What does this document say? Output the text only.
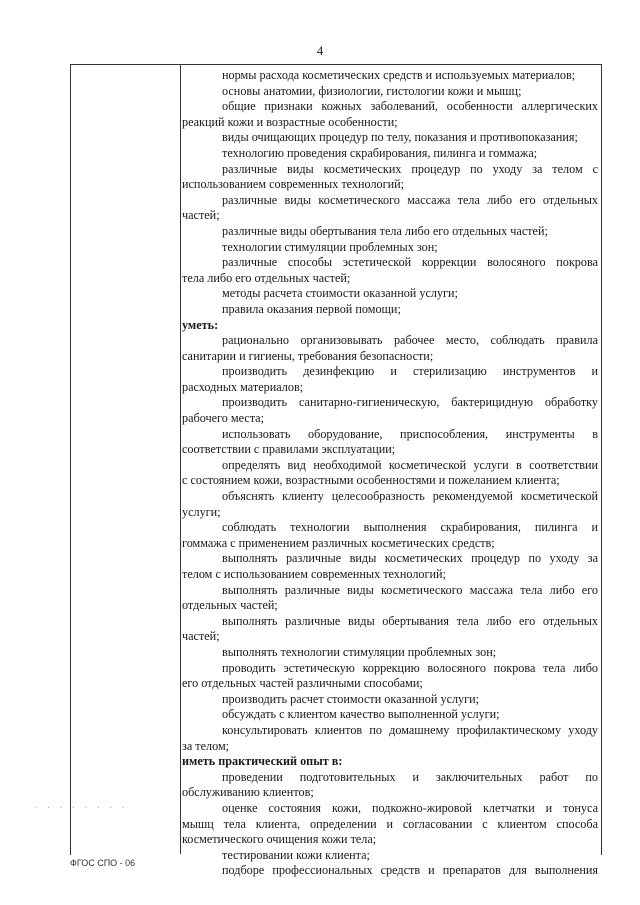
4
нормы расхода косметических средств и используемых материалов;
основы анатомии, физиологии, гистологии кожи и мышц;
общие признаки кожных заболеваний, особенности аллергических
реакций кожи и возрастные особенности;
виды очищающих процедур по телу, показания и противопоказания;
технологию проведения скрабирования, пилинга и гоммажа;
различные виды косметических процедур по уходу за телом с
использованием современных технологий;
различные виды косметического массажа тела либо его отдельных
частей;
различные виды обертывания тела либо его отдельных частей;
технологии стимуляции проблемных зон;
различные способы эстетической коррекции волосяного покрова
тела либо его отдельных частей;
методы расчета стоимости оказанной услуги;
правила оказания первой помощи;
уметь:
рационально организовывать рабочее место, соблюдать правила
санитарии и гигиены, требования безопасности;
производить дезинфекцию и стерилизацию инструментов и
расходных материалов;
производить санитарно-гигиеническую, бактерицидную обработку
рабочего места;
использовать оборудование, приспособления, инструменты в
соответствии с правилами эксплуатации;
определять вид необходимой косметической услуги в соответствии
с состоянием кожи, возрастными особенностями и пожеланием клиента;
объяснять клиенту целесообразность рекомендуемой косметической
услуги;
соблюдать технологии выполнения скрабирования, пилинга и
гоммажа с применением различных косметических средств;
выполнять различные виды косметических процедур по уходу за
телом с использованием современных технологий;
выполнять различные виды косметического массажа тела либо его
отдельных частей;
выполнять различные виды обертывания тела либо его отдельных
частей;
выполнять технологии стимуляции проблемных зон;
проводить эстетическую коррекцию волосяного покрова тела либо
его отдельных частей различными способами;
производить расчет стоимости оказанной услуги;
обсуждать с клиентом качество выполненной услуги;
консультировать клиентов по домашнему профилактическому уходу
за телом;
иметь практический опыт в:
проведении подготовительных и заключительных работ по
обслуживанию клиентов;
оценке состояния кожи, подкожно-жировой клетчатки и тонуса
мышц тела клиента, определении и согласовании с клиентом способа
косметического очищения кожи тела;
тестировании кожи клиента;
подборе профессиональных средств и препаратов для выполнения
· · · · · · · ·
ФГОС СПО - 06
